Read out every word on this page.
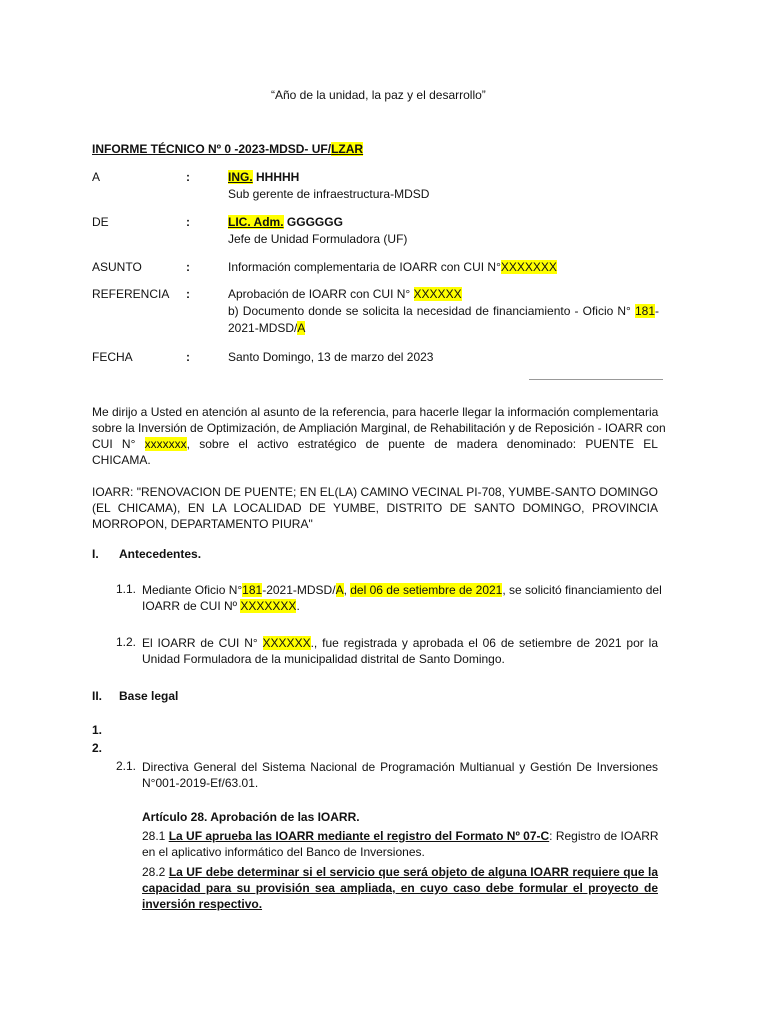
“Año de la unidad, la paz y el desarrollo”
INFORME TÉCNICO Nº 0 -2023-MDSD- UF/LZAR
A	:	ING. HHHHH
Sub gerente de infraestructura-MDSD
DE	:	LIC. Adm. GGGGGG
Jefe de Unidad Formuladora (UF)
ASUNTO	:	Información complementaria de IOARR con CUI N°XXXXXXX
REFERENCIA :	Aprobación de IOARR con CUI N° XXXXXX
b) Documento donde se solicita la necesidad de financiamiento - Oficio N° 181-
2021-MDSD/A
FECHA	:	Santo Domingo, 13 de marzo del 2023
Me dirijo a Usted en atención al asunto de la referencia, para hacerle llegar la información complementaria
sobre la Inversión de Optimización, de Ampliación Marginal, de Rehabilitación y de Reposición - IOARR con
CUI N° xxxxxxx, sobre el activo estratégico de puente de madera denominado: PUENTE EL
CHICAMA.
IOARR: "RENOVACION DE PUENTE; EN EL(LA) CAMINO VECINAL PI-708, YUMBE-SANTO DOMINGO
(EL CHICAMA), EN LA LOCALIDAD DE YUMBE, DISTRITO DE SANTO DOMINGO, PROVINCIA
MORROPON, DEPARTAMENTO PIURA"
I. Antecedentes.
1.1. Mediante Oficio N°181-2021-MDSD/A, del 06 de setiembre de 2021, se solicitó financiamiento del
IOARR de CUI Nº XXXXXXX.
1.2. El IOARR de CUI N° XXXXXX., fue registrada y aprobada el 06 de setiembre de 2021 por la
Unidad Formuladora de la municipalidad distrital de Santo Domingo.
II. Base legal
1.
2.
2.1. Directiva General del Sistema Nacional de Programación Multianual y Gestión De Inversiones
N°001-2019-Ef/63.01.
Artículo 28. Aprobación de las IOARR.
28.1 La UF aprueba las IOARR mediante el registro del Formato Nº 07-C: Registro de IOARR
en el aplicativo informático del Banco de Inversiones.
28.2 La UF debe determinar si el servicio que será objeto de alguna IOARR requiere que la
capacidad para su provisión sea ampliada, en cuyo caso debe formular el proyecto de
inversión respectivo.
